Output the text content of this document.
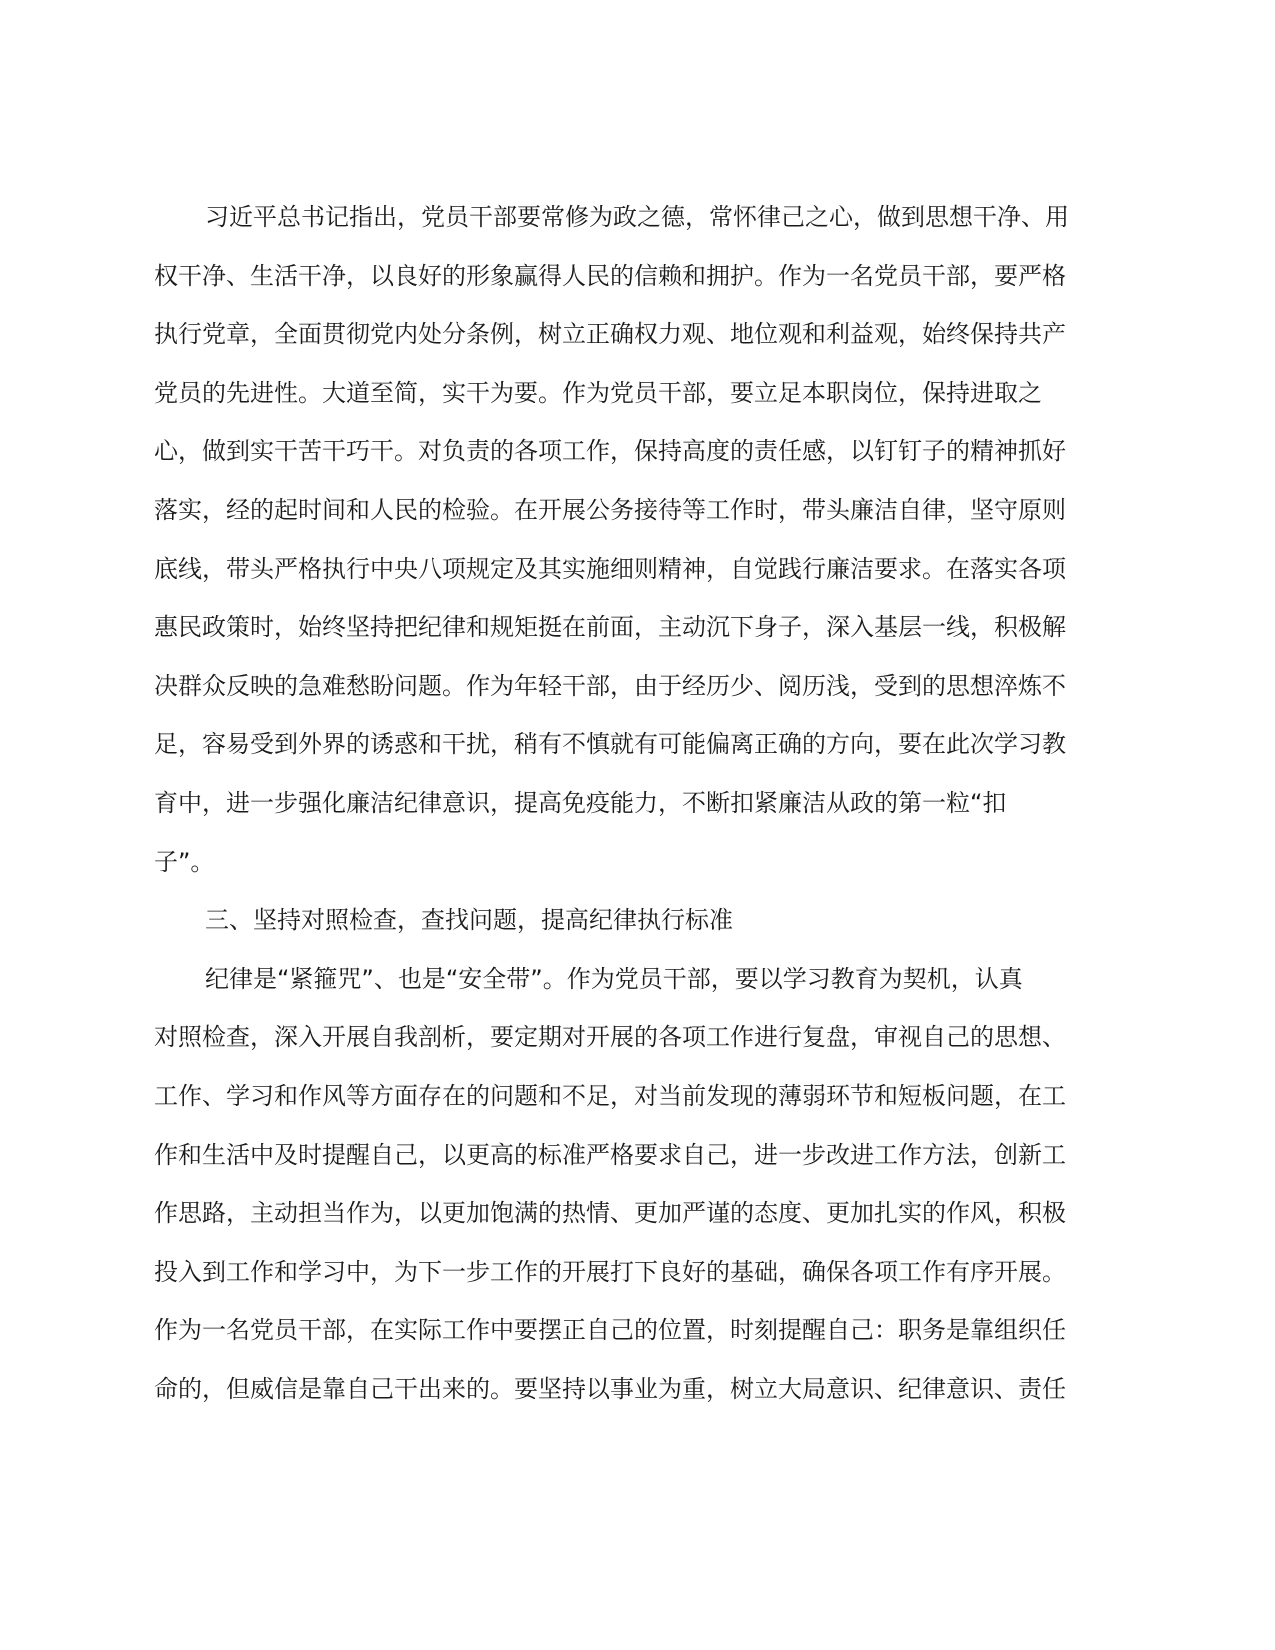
习近平总书记指出，党员干部要常修为政之德，常怀律己之心，做到思想干净、用

权干净、生活干净，以良好的形象赢得人民的信赖和拥护。作为一名党员干部，要严格

执行党章，全面贯彻党内处分条例，树立正确权力观、地位观和利益观，始终保持共产

党员的先进性。大道至简，实干为要。作为党员干部，要立足本职岗位，保持进取之

心，做到实干苦干巧干。对负责的各项工作，保持高度的责任感，以钉钉子的精神抓好

落实，经的起时间和人民的检验。在开展公务接待等工作时，带头廉洁自律，坚守原则

底线，带头严格执行中央八项规定及其实施细则精神，自觉践行廉洁要求。在落实各项

惠民政策时，始终坚持把纪律和规矩挺在前面，主动沉下身子，深入基层一线，积极解

决群众反映的急难愁盼问题。作为年轻干部，由于经历少、阅历浅，受到的思想淬炼不

足，容易受到外界的诱惑和干扰，稍有不慎就有可能偏离正确的方向，要在此次学习教

育中，进一步强化廉洁纪律意识，提高免疫能力，不断扣紧廉洁从政的第一粒“扣

子”。

三、坚持对照检查，查找问题，提高纪律执行标准

纪律是“紧箍咒”、也是“安全带”。作为党员干部，要以学习教育为契机，认真

对照检查，深入开展自我剖析，要定期对开展的各项工作进行复盘，审视自己的思想、

工作、学习和作风等方面存在的问题和不足，对当前发现的薄弱环节和短板问题，在工

作和生活中及时提醒自己，以更高的标准严格要求自己，进一步改进工作方法，创新工

作思路，主动担当作为，以更加饱满的热情、更加严谨的态度、更加扎实的作风，积极

投入到工作和学习中，为下一步工作的开展打下良好的基础，确保各项工作有序开展。

作为一名党员干部，在实际工作中要摆正自己的位置，时刻提醒自己：职务是靠组织任

命的，但威信是靠自己干出来的。要坚持以事业为重，树立大局意识、纪律意识、责任
